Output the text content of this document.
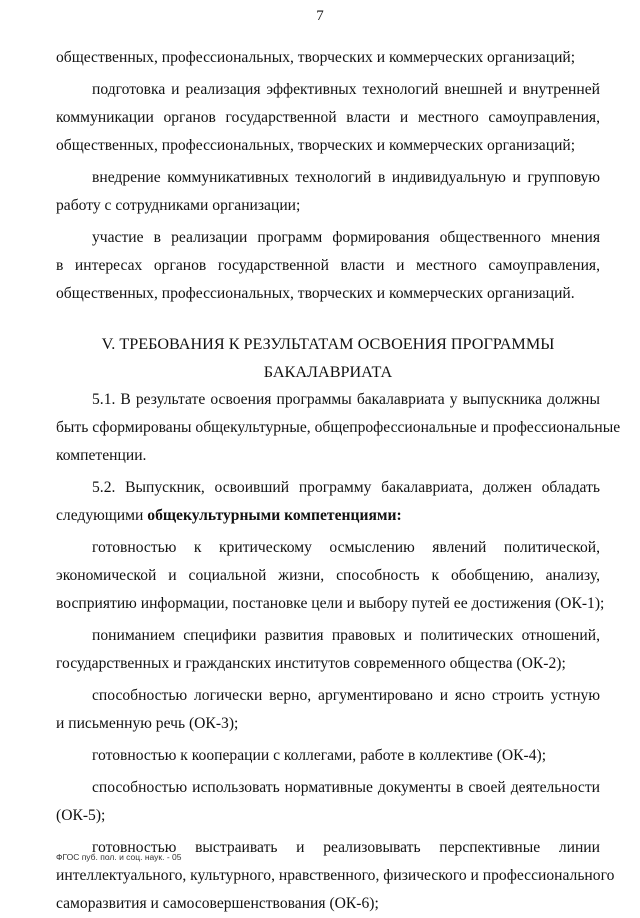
7
общественных, профессиональных, творческих и коммерческих организаций;
подготовка и реализация эффективных технологий внешней и внутренней
коммуникации органов государственной власти и местного самоуправления,
общественных, профессиональных, творческих и коммерческих организаций;
внедрение коммуникативных технологий в индивидуальную и групповую
работу с сотрудниками организации;
участие в реализации программ формирования общественного мнения
в интересах органов государственной власти и местного самоуправления,
общественных, профессиональных, творческих и коммерческих организаций.
V. ТРЕБОВАНИЯ К РЕЗУЛЬТАТАМ ОСВОЕНИЯ ПРОГРАММЫ
БАКАЛАВРИАТА
5.1. В результате освоения программы бакалавриата у выпускника должны
быть сформированы общекультурные, общепрофессиональные и профессиональные
компетенции.
5.2. Выпускник, освоивший программу бакалавриата, должен обладать
следующими общекультурными компетенциями:
готовностью к критическому осмыслению явлений политической,
экономической и социальной жизни, способность к обобщению, анализу,
восприятию информации, постановке цели и выбору путей ее достижения (ОК-1);
пониманием специфики развития правовых и политических отношений,
государственных и гражданских институтов современного общества (ОК-2);
способностью логически верно, аргументировано и ясно строить устную
и письменную речь (ОК-3);
готовностью к кооперации с коллегами, работе в коллективе (ОК-4);
способностью использовать нормативные документы в своей деятельности
(ОК-5);
готовностью выстраивать и реализовывать перспективные линии
интеллектуального, культурного, нравственного, физического и профессионального
саморазвития и самосовершенствования (ОК-6);
ФГОС пуб. пол. и соц. наук. - 05
